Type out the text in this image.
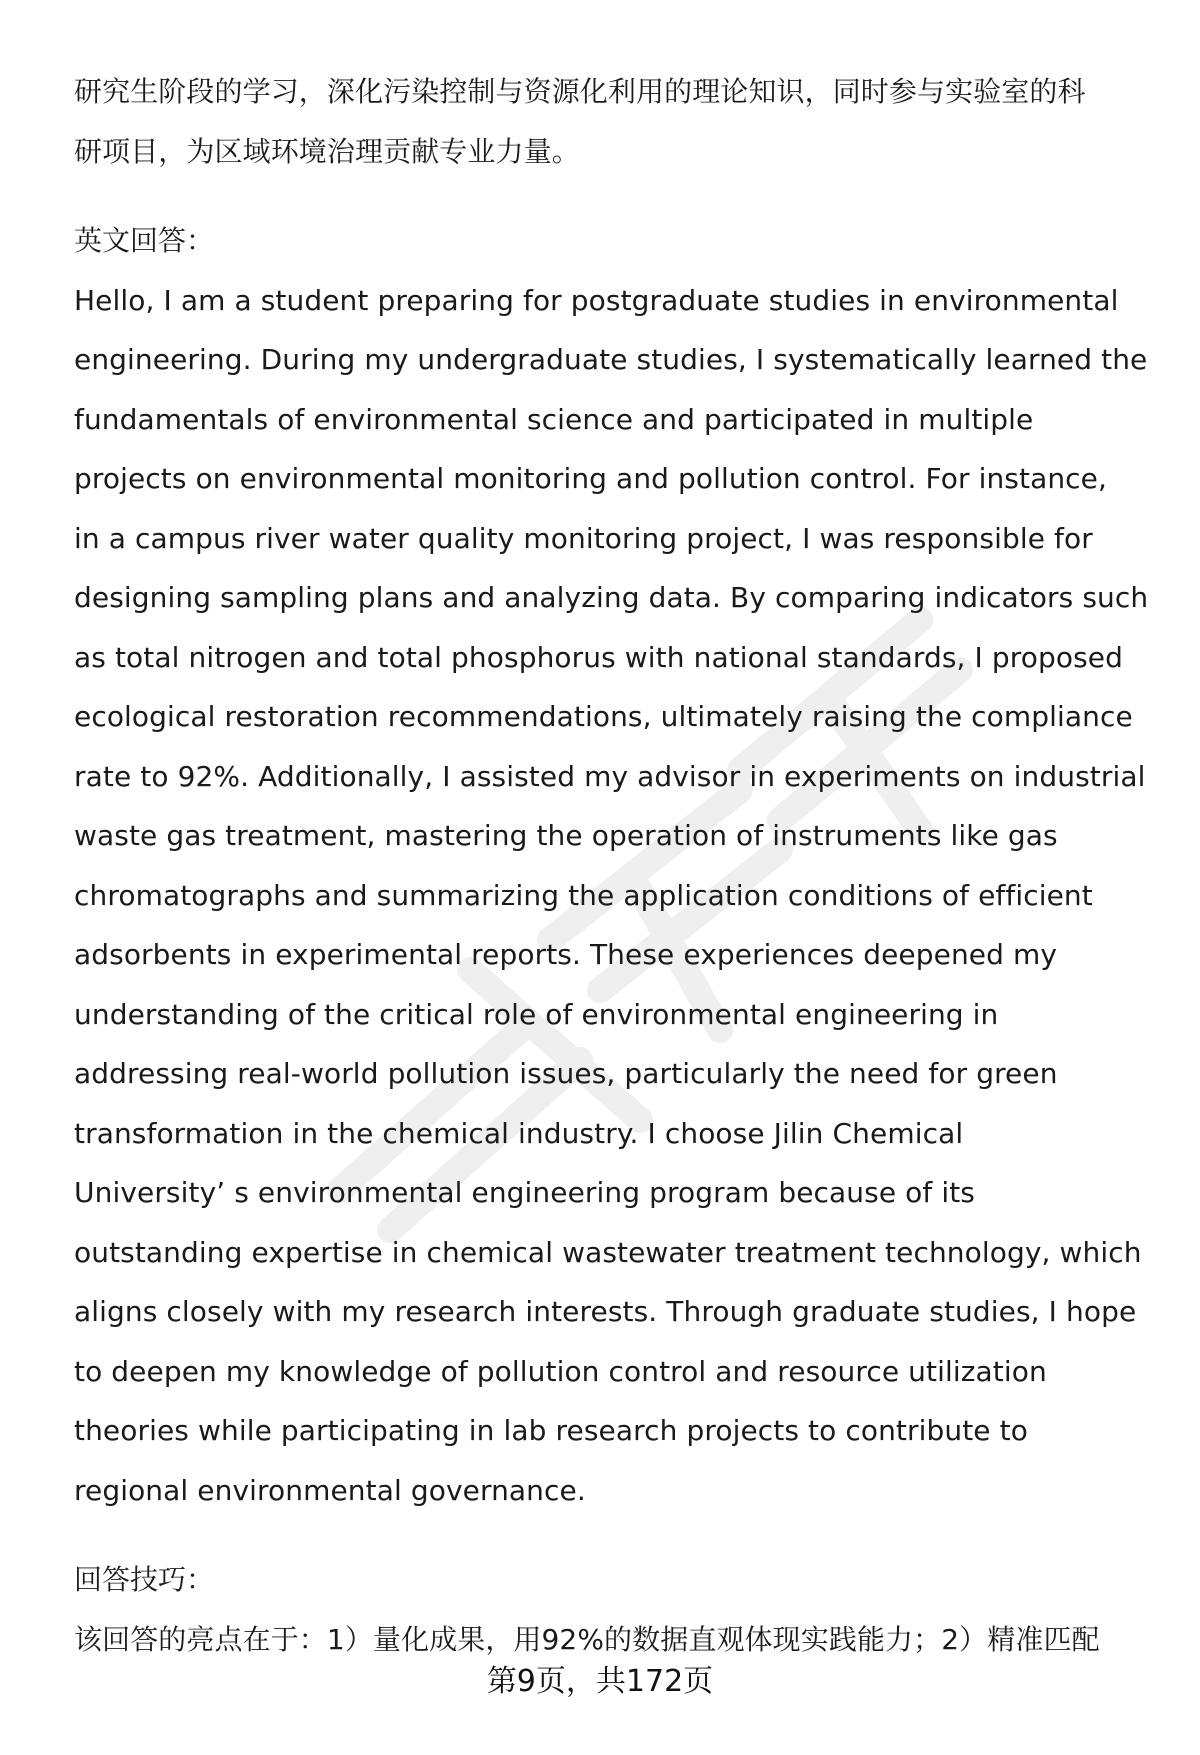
研究生阶段的学习，深化污染控制与资源化利用的理论知识，同时参与实验室的科
研项目，为区域环境治理贡献专业力量。
英文回答：
Hello, I am a student preparing for postgraduate studies in environmental
engineering. During my undergraduate studies, I systematically learned the
fundamentals of environmental science and participated in multiple
projects on environmental monitoring and pollution control. For instance,
in a campus river water quality monitoring project, I was responsible for
designing sampling plans and analyzing data. By comparing indicators such
as total nitrogen and total phosphorus with national standards, I proposed
ecological restoration recommendations, ultimately raising the compliance
rate to 92%. Additionally, I assisted my advisor in experiments on industrial
waste gas treatment, mastering the operation of instruments like gas
chromatographs and summarizing the application conditions of efficient
adsorbents in experimental reports. These experiences deepened my
understanding of the critical role of environmental engineering in
addressing real-world pollution issues, particularly the need for green
transformation in the chemical industry. I choose Jilin Chemical
University’ s environmental engineering program because of its
outstanding expertise in chemical wastewater treatment technology, which
aligns closely with my research interests. Through graduate studies, I hope
to deepen my knowledge of pollution control and resource utilization
theories while participating in lab research projects to contribute to
regional environmental governance.
回答技巧：
该回答的亮点在于：1）量化成果，用92%的数据直观体现实践能力；2）精准匹配
第9页，共172页
